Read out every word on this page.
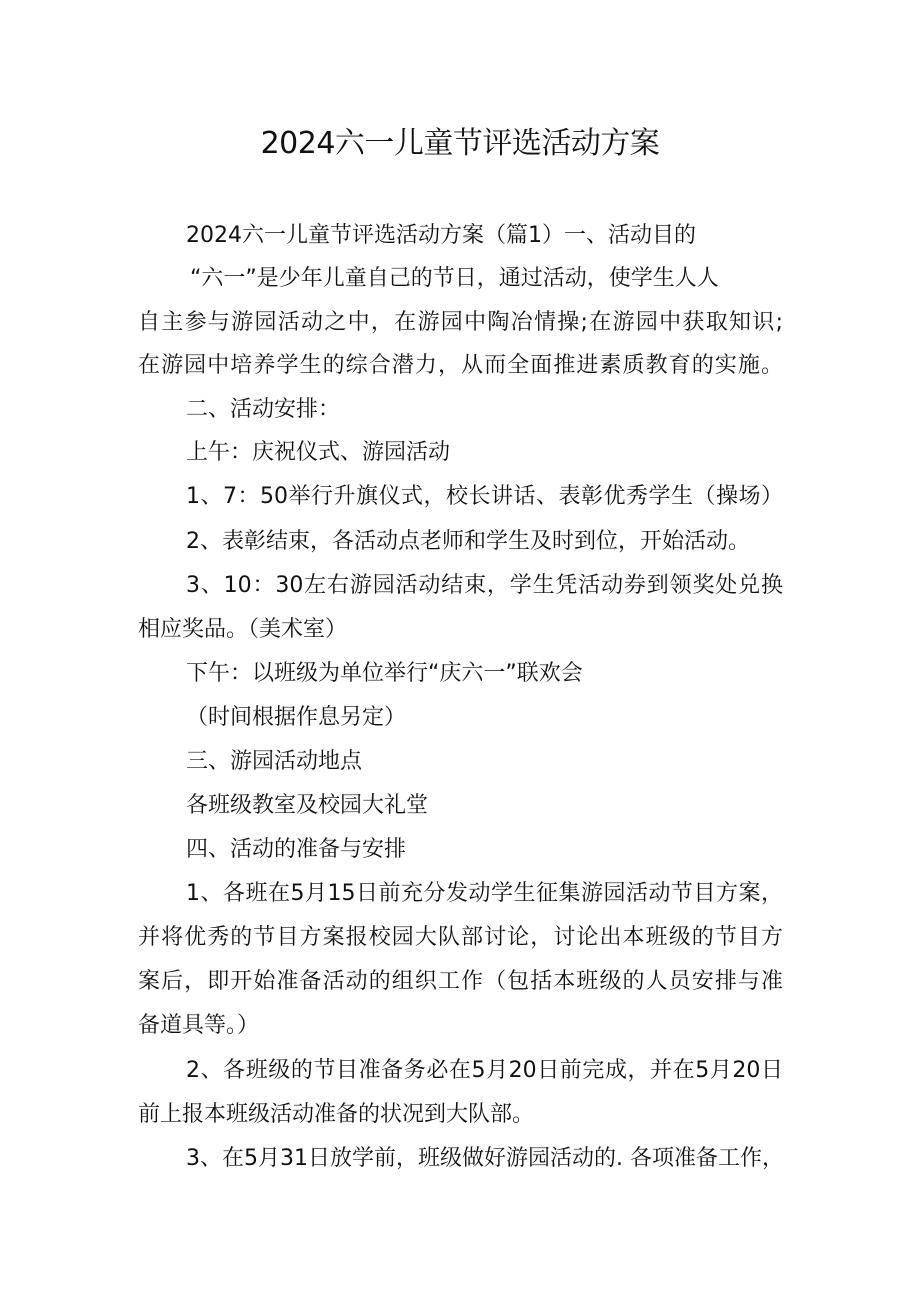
2024六一儿童节评选活动方案

2024六一儿童节评选活动方案（篇1）一、活动目的

“六一”是少年儿童自己的节日，通过活动，使学生人人

自主参与游园活动之中，在游园中陶冶情操;在游园中获取知识;

在游园中培养学生的综合潜力，从而全面推进素质教育的实施。

二、活动安排：

上午：庆祝仪式、游园活动

1、7：50举行升旗仪式，校长讲话、表彰优秀学生（操场）

2、表彰结束，各活动点老师和学生及时到位，开始活动。

3、10：30左右游园活动结束，学生凭活动券到领奖处兑换

相应奖品。（美术室）

下午：以班级为单位举行“庆六一”联欢会

（时间根据作息另定）

三、游园活动地点

各班级教室及校园大礼堂

四、活动的准备与安排

1、各班在5月15日前充分发动学生征集游园活动节目方案，

并将优秀的节目方案报校园大队部讨论，讨论出本班级的节目方

案后，即开始准备活动的组织工作（包括本班级的人员安排与准

备道具等。）

2、各班级的节目准备务必在5月20日前完成，并在5月20日

前上报本班级活动准备的状况到大队部。

3、在5月31日放学前，班级做好游园活动的. 各项准备工作，
